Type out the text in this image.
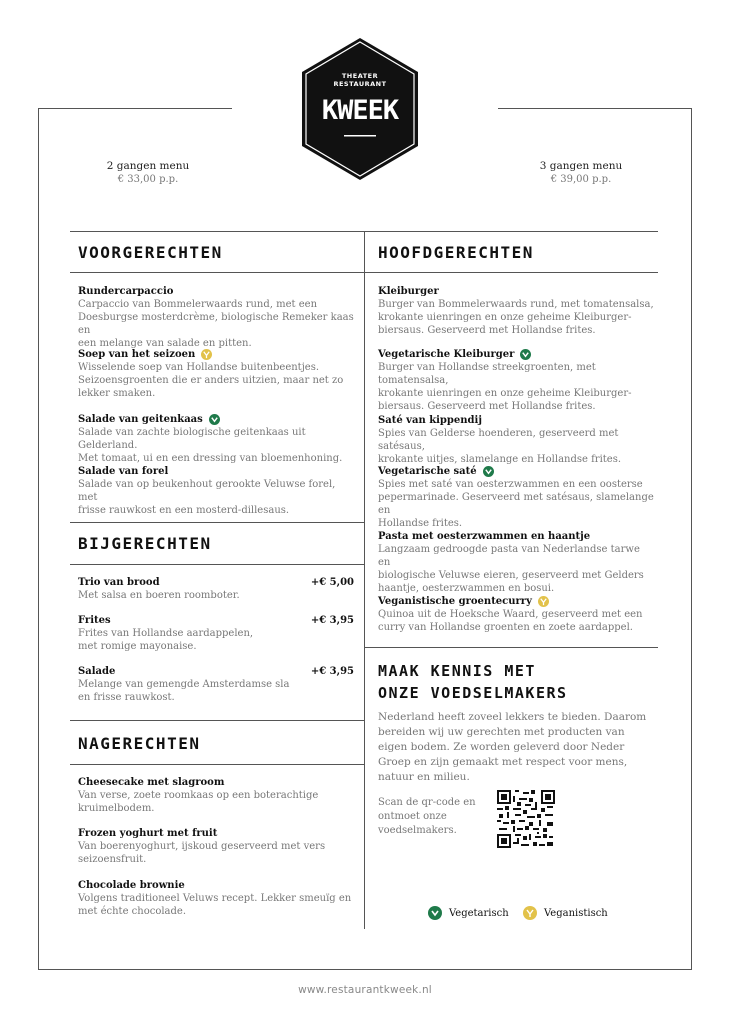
THEATER
RESTAURANT
KWEEK
2 gangen menu
€ 33,00 p.p.
3 gangen menu
€ 39,00 p.p.
VOORGERECHTEN
Rundercarpaccio
Carpaccio van Bommelerwaards rund, met een
Doesburgse mosterdcrème, biologische Remeker kaas en
een melange van salade en pitten.
Soep van het seizoen
Wisselende soep van Hollandse buitenbeentjes.
Seizoensgroenten die er anders uitzien, maar net zo
lekker smaken.
Salade van geitenkaas
Salade van zachte biologische geitenkaas uit Gelderland.
Met tomaat, ui en een dressing van bloemenhoning.
Salade van forel
Salade van op beukenhout gerookte Veluwse forel, met
frisse rauwkost en een mosterd-dillesaus.
BIJGERECHTEN
Trio van brood	+€ 5,00
Met salsa en boeren roomboter.
Frites	+€ 3,95
Frites van Hollandse aardappelen,
met romige mayonaise.
Salade	+€ 3,95
Melange van gemengde Amsterdamse sla
en frisse rauwkost.
NAGERECHTEN
Cheesecake met slagroom
Van verse, zoete roomkaas op een boterachtige
kruimelbodem.
Frozen yoghurt met fruit
Van boerenyoghurt, ijskoud geserveerd met vers
seizoensfruit.
Chocolade brownie
Volgens traditioneel Veluws recept. Lekker smeuïg en
met échte chocolade.
HOOFDGERECHTEN
Kleiburger
Burger van Bommelerwaards rund, met tomatensalsa,
krokante uienringen en onze geheime Kleiburger-
biersaus. Geserveerd met Hollandse frites.
Vegetarische Kleiburger
Burger van Hollandse streekgroenten, met tomatensalsa,
krokante uienringen en onze geheime Kleiburger-
biersaus. Geserveerd met Hollandse frites.
Saté van kippendij
Spies van Gelderse hoenderen, geserveerd met satésaus,
krokante uitjes, slamelange en Hollandse frites.
Vegetarische saté
Spies met saté van oesterzwammen en een oosterse
pepermarinade. Geserveerd met satésaus, slamelange en
Hollandse frites.
Pasta met oesterzwammen en haantje
Langzaam gedroogde pasta van Nederlandse tarwe en
biologische Veluwse eieren, geserveerd met Gelders
haantje, oesterzwammen en bosui.
Veganistische groentecurry
Quinoa uit de Hoeksche Waard, geserveerd met een
curry van Hollandse groenten en zoete aardappel.
MAAK KENNIS MET
ONZE VOEDSELMAKERS
Nederland heeft zoveel lekkers te bieden. Daarom bereiden wij uw gerechten met producten van eigen bodem. Ze worden geleverd door Neder Groep en zijn gemaakt met respect voor mens, natuur en milieu.
Scan de qr-code en ontmoet onze voedselmakers.
Vegetarisch	Veganistisch
www.restaurantkweek.nl
